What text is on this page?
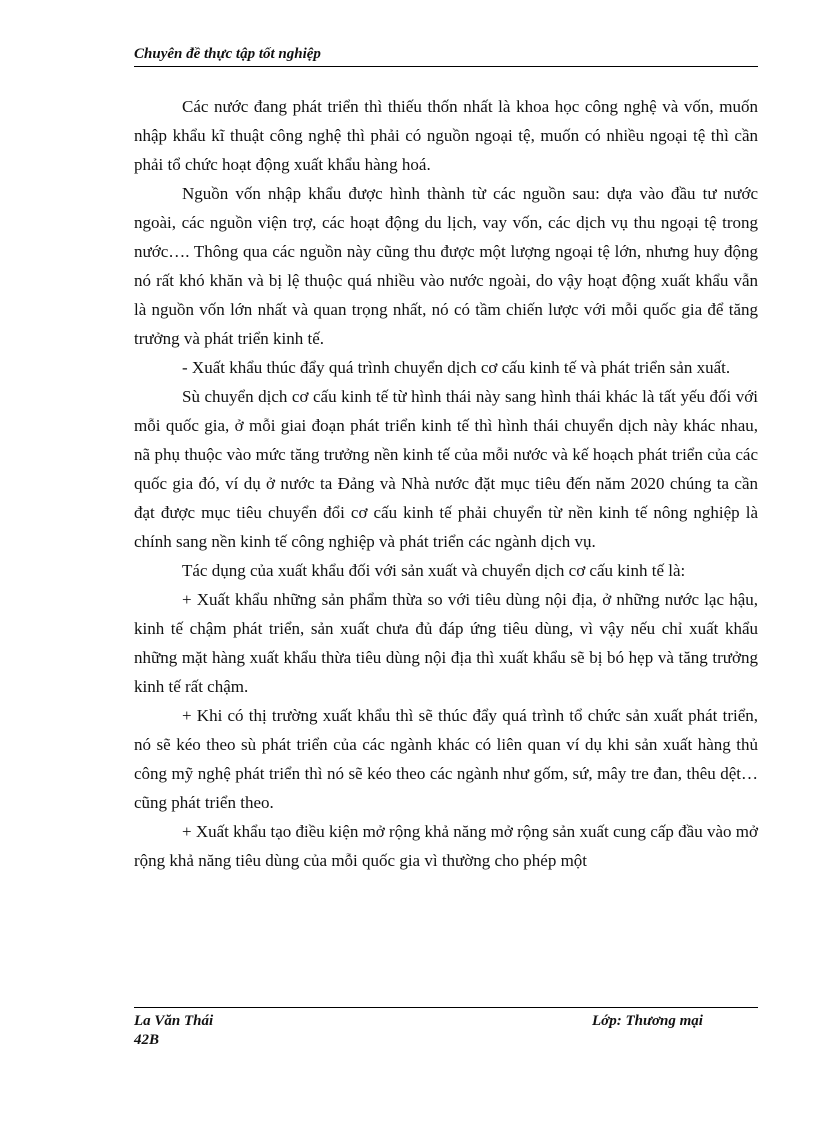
Chuyên đề thực tập tốt nghiệp

Các nước đang phát triển thì thiếu thốn nhất là khoa học công nghệ và vốn, muốn nhập khẩu kĩ thuật công nghệ thì phải có nguồn ngoại tệ, muốn có nhiều ngoại tệ thì cần phải tổ chức hoạt động xuất khẩu hàng hoá.

Nguồn vốn nhập khẩu được hình thành từ các nguồn sau: dựa vào đầu tư nước ngoài, các nguồn viện trợ, các hoạt động du lịch, vay vốn, các dịch vụ thu ngoại tệ trong nước…. Thông qua các nguồn này cũng thu được một lượng ngoại tệ lớn, nhưng huy động nó rất khó khăn và bị lệ thuộc quá nhiều vào nước ngoài, do vậy hoạt động xuất khẩu vẫn là nguồn vốn lớn nhất và quan trọng nhất, nó có tầm chiến lược với mỗi quốc gia để tăng trưởng và phát triển kinh tế.

- Xuất khẩu thúc đẩy quá trình chuyển dịch cơ cấu kinh tế và phát triển sản xuất.

Sù chuyển dịch cơ cấu kinh tế từ hình thái này sang hình thái khác là tất yếu đối với mỗi quốc gia, ở mỗi giai đoạn phát triển kinh tế thì hình thái chuyển dịch này khác nhau, nã phụ thuộc vào mức tăng trưởng nền kinh tế của mỗi nước và kế hoạch phát triển của các quốc gia đó, ví dụ ở nước ta Đảng và Nhà nước đặt mục tiêu đến năm 2020 chúng ta cần đạt được mục tiêu chuyển đổi cơ cấu kinh tế phải chuyển từ nền kinh tế nông nghiệp là chính sang nền kinh tế công nghiệp và phát triển các ngành dịch vụ.

Tác dụng của xuất khẩu đối với sản xuất và chuyển dịch cơ cấu kinh tế là:

+ Xuất khẩu những sản phẩm thừa so với tiêu dùng nội địa, ở những nước lạc hậu, kinh tế chậm phát triển, sản xuất chưa đủ đáp ứng tiêu dùng, vì vậy nếu chỉ xuất khẩu những mặt hàng xuất khẩu thừa tiêu dùng nội địa thì xuất khẩu sẽ bị bó hẹp và tăng trưởng kinh tế rất chậm.

+ Khi có thị trường xuất khẩu thì sẽ thúc đẩy quá trình tổ chức sản xuất phát triển, nó sẽ kéo theo sù phát triển của các ngành khác có liên quan ví dụ khi sản xuất hàng thủ công mỹ nghệ phát triển thì nó sẽ kéo theo các ngành như gốm, sứ, mây tre đan, thêu dệt… cũng phát triển theo.

+ Xuất khẩu tạo điều kiện mở rộng khả năng mở rộng sản xuất cung cấp đầu vào mở rộng khả năng tiêu dùng của mỗi quốc gia vì thường cho phép một

La Văn Thái	Lớp: Thương mại
42B
